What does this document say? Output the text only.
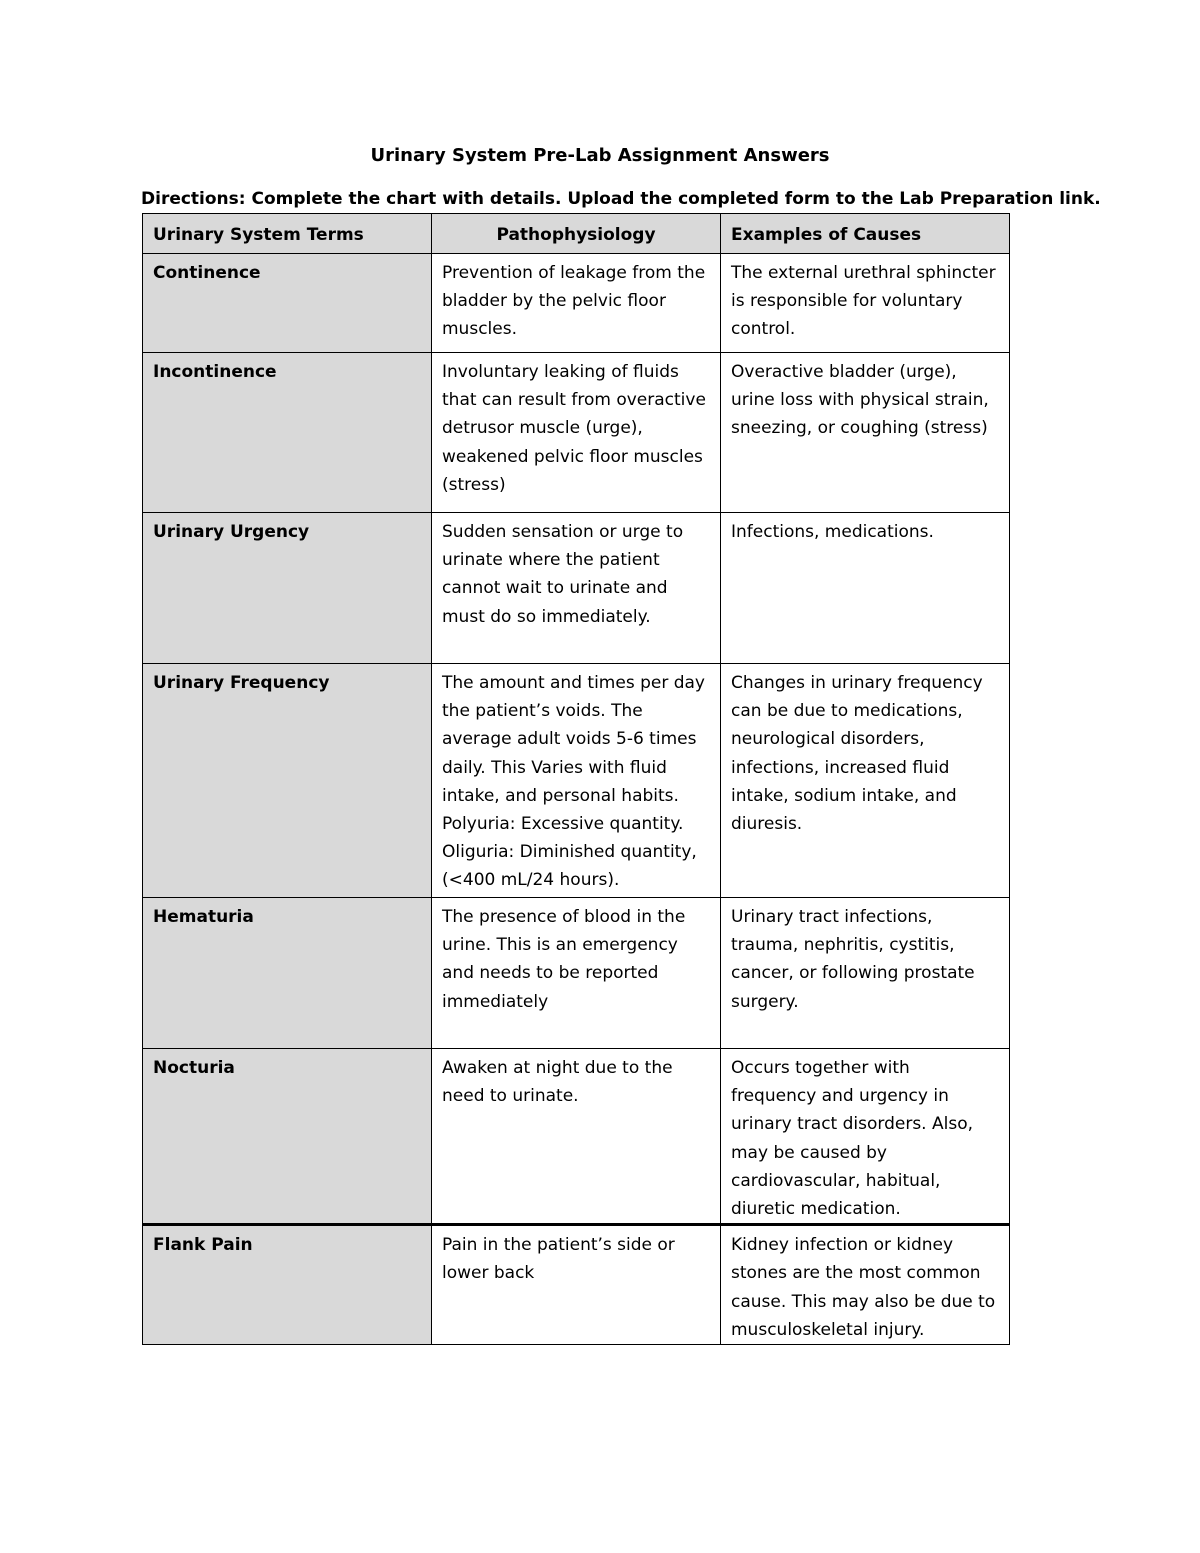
Urinary System Pre-Lab Assignment Answers
Directions: Complete the chart with details. Upload the completed form to the Lab Preparation link.
Urinary System Terms	Pathophysiology	Examples of Causes
Continence	Prevention of leakage from the bladder by the pelvic floor muscles.	The external urethral sphincter is responsible for voluntary control.
Incontinence	Involuntary leaking of fluids that can result from overactive detrusor muscle (urge), weakened pelvic floor muscles (stress)	Overactive bladder (urge), urine loss with physical strain, sneezing, or coughing (stress)
Urinary Urgency	Sudden sensation or urge to urinate where the patient cannot wait to urinate and must do so immediately.	Infections, medications.
Urinary Frequency	The amount and times per day the patient’s voids. The average adult voids 5-6 times daily. This Varies with fluid intake, and personal habits. Polyuria: Excessive quantity. Oliguria: Diminished quantity, (<400 mL/24 hours).	Changes in urinary frequency can be due to medications, neurological disorders, infections, increased fluid intake, sodium intake, and diuresis.
Hematuria	The presence of blood in the urine. This is an emergency and needs to be reported immediately	Urinary tract infections, trauma, nephritis, cystitis, cancer, or following prostate surgery.
Nocturia	Awaken at night due to the need to urinate.	Occurs together with frequency and urgency in urinary tract disorders. Also, may be caused by cardiovascular, habitual, diuretic medication.
Flank Pain	Pain in the patient’s side or lower back	Kidney infection or kidney stones are the most common cause. This may also be due to musculoskeletal injury.
